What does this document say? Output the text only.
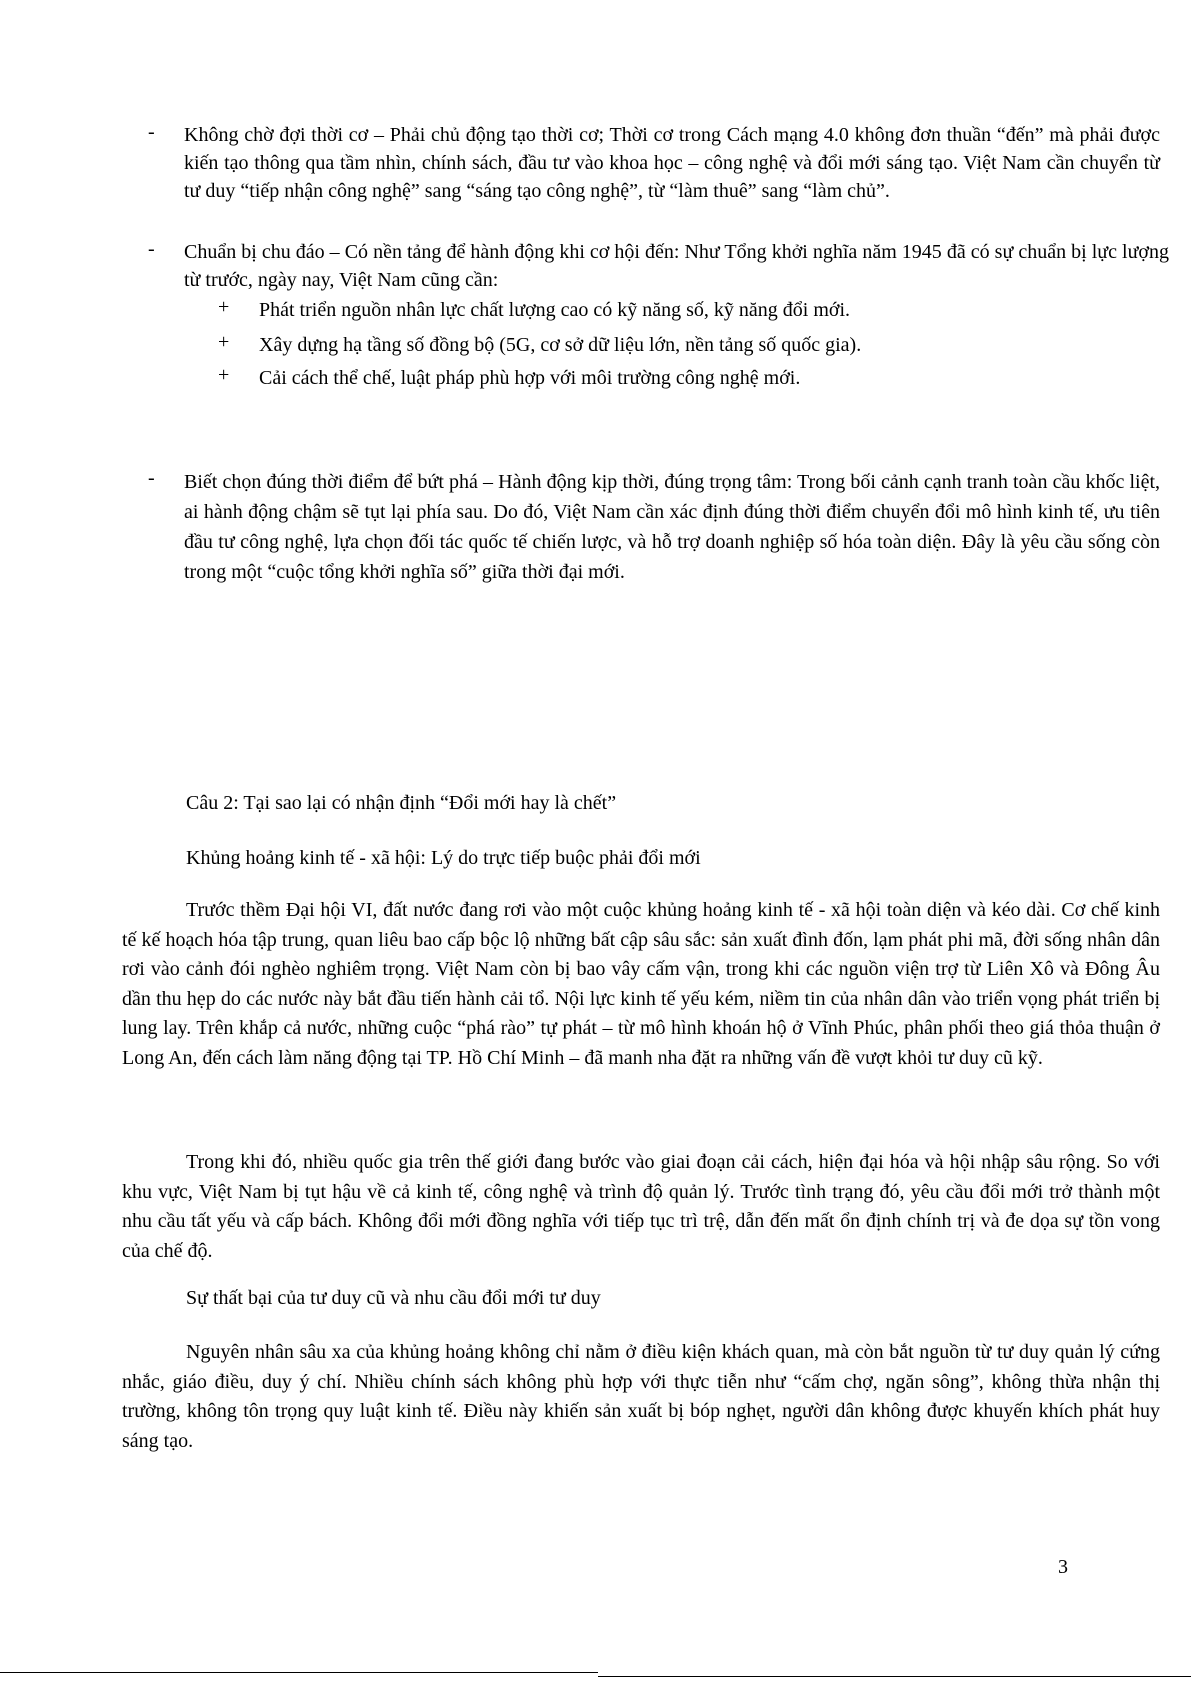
- Không chờ đợi thời cơ – Phải chủ động tạo thời cơ; Thời cơ trong Cách mạng 4.0 không đơn thuần “đến” mà phải được kiến tạo thông qua tầm nhìn, chính sách, đầu tư vào khoa học – công nghệ và đổi mới sáng tạo. Việt Nam cần chuyển từ tư duy “tiếp nhận công nghệ” sang “sáng tạo công nghệ”, từ “làm thuê” sang “làm chủ”.

- Chuẩn bị chu đáo – Có nền tảng để hành động khi cơ hội đến: Như Tổng khởi nghĩa năm 1945 đã có sự chuẩn bị lực lượng từ trước, ngày nay, Việt Nam cũng cần:

+ Phát triển nguồn nhân lực chất lượng cao có kỹ năng số, kỹ năng đổi mới.

+ Xây dựng hạ tầng số đồng bộ (5G, cơ sở dữ liệu lớn, nền tảng số quốc gia).

+ Cải cách thể chế, luật pháp phù hợp với môi trường công nghệ mới.

- Biết chọn đúng thời điểm để bứt phá – Hành động kịp thời, đúng trọng tâm: Trong bối cảnh cạnh tranh toàn cầu khốc liệt, ai hành động chậm sẽ tụt lại phía sau. Do đó, Việt Nam cần xác định đúng thời điểm chuyển đổi mô hình kinh tế, ưu tiên đầu tư công nghệ, lựa chọn đối tác quốc tế chiến lược, và hỗ trợ doanh nghiệp số hóa toàn diện. Đây là yêu cầu sống còn trong một “cuộc tổng khởi nghĩa số” giữa thời đại mới.

Câu 2: Tại sao lại có nhận định “Đổi mới hay là chết”

Khủng hoảng kinh tế - xã hội: Lý do trực tiếp buộc phải đổi mới

Trước thềm Đại hội VI, đất nước đang rơi vào một cuộc khủng hoảng kinh tế - xã hội toàn diện và kéo dài. Cơ chế kinh tế kế hoạch hóa tập trung, quan liêu bao cấp bộc lộ những bất cập sâu sắc: sản xuất đình đốn, lạm phát phi mã, đời sống nhân dân rơi vào cảnh đói nghèo nghiêm trọng. Việt Nam còn bị bao vây cấm vận, trong khi các nguồn viện trợ từ Liên Xô và Đông Âu dần thu hẹp do các nước này bắt đầu tiến hành cải tổ. Nội lực kinh tế yếu kém, niềm tin của nhân dân vào triển vọng phát triển bị lung lay. Trên khắp cả nước, những cuộc “phá rào” tự phát – từ mô hình khoán hộ ở Vĩnh Phúc, phân phối theo giá thỏa thuận ở Long An, đến cách làm năng động tại TP. Hồ Chí Minh – đã manh nha đặt ra những vấn đề vượt khỏi tư duy cũ kỹ.

Trong khi đó, nhiều quốc gia trên thế giới đang bước vào giai đoạn cải cách, hiện đại hóa và hội nhập sâu rộng. So với khu vực, Việt Nam bị tụt hậu về cả kinh tế, công nghệ và trình độ quản lý. Trước tình trạng đó, yêu cầu đổi mới trở thành một nhu cầu tất yếu và cấp bách. Không đổi mới đồng nghĩa với tiếp tục trì trệ, dẫn đến mất ổn định chính trị và đe dọa sự tồn vong của chế độ.

Sự thất bại của tư duy cũ và nhu cầu đổi mới tư duy

Nguyên nhân sâu xa của khủng hoảng không chỉ nằm ở điều kiện khách quan, mà còn bắt nguồn từ tư duy quản lý cứng nhắc, giáo điều, duy ý chí. Nhiều chính sách không phù hợp với thực tiễn như “cấm chợ, ngăn sông”, không thừa nhận thị trường, không tôn trọng quy luật kinh tế. Điều này khiến sản xuất bị bóp nghẹt, người dân không được khuyến khích phát huy sáng tạo.

3
